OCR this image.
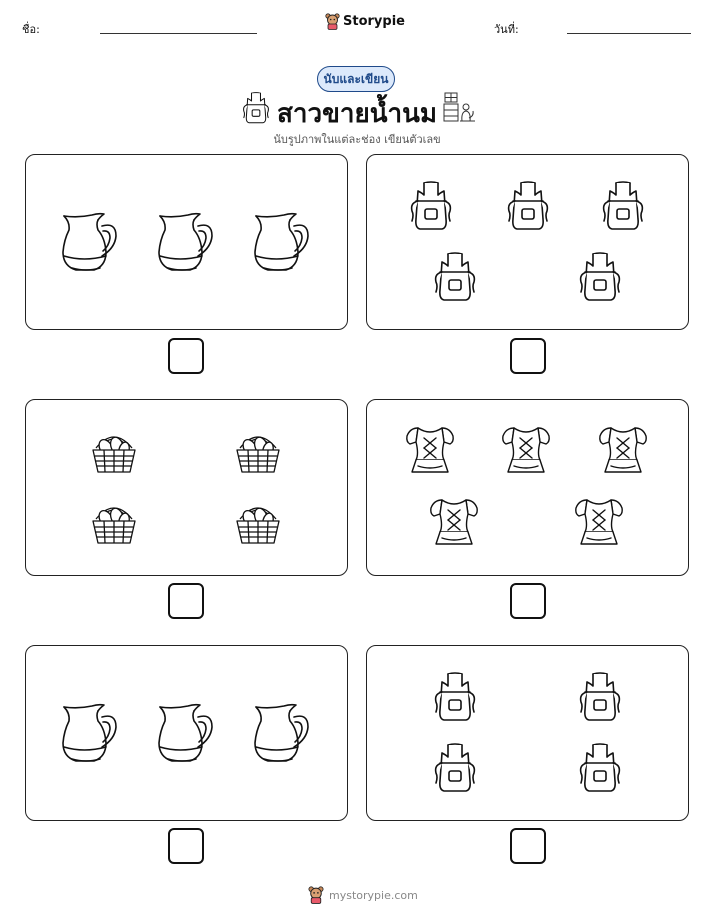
ชื่อ:
Storypie
วันที่:
นับและเขียน
สาวขายน้ำนม
นับรูปภาพในแต่ละช่อง เขียนตัวเลข
mystorypie.com
